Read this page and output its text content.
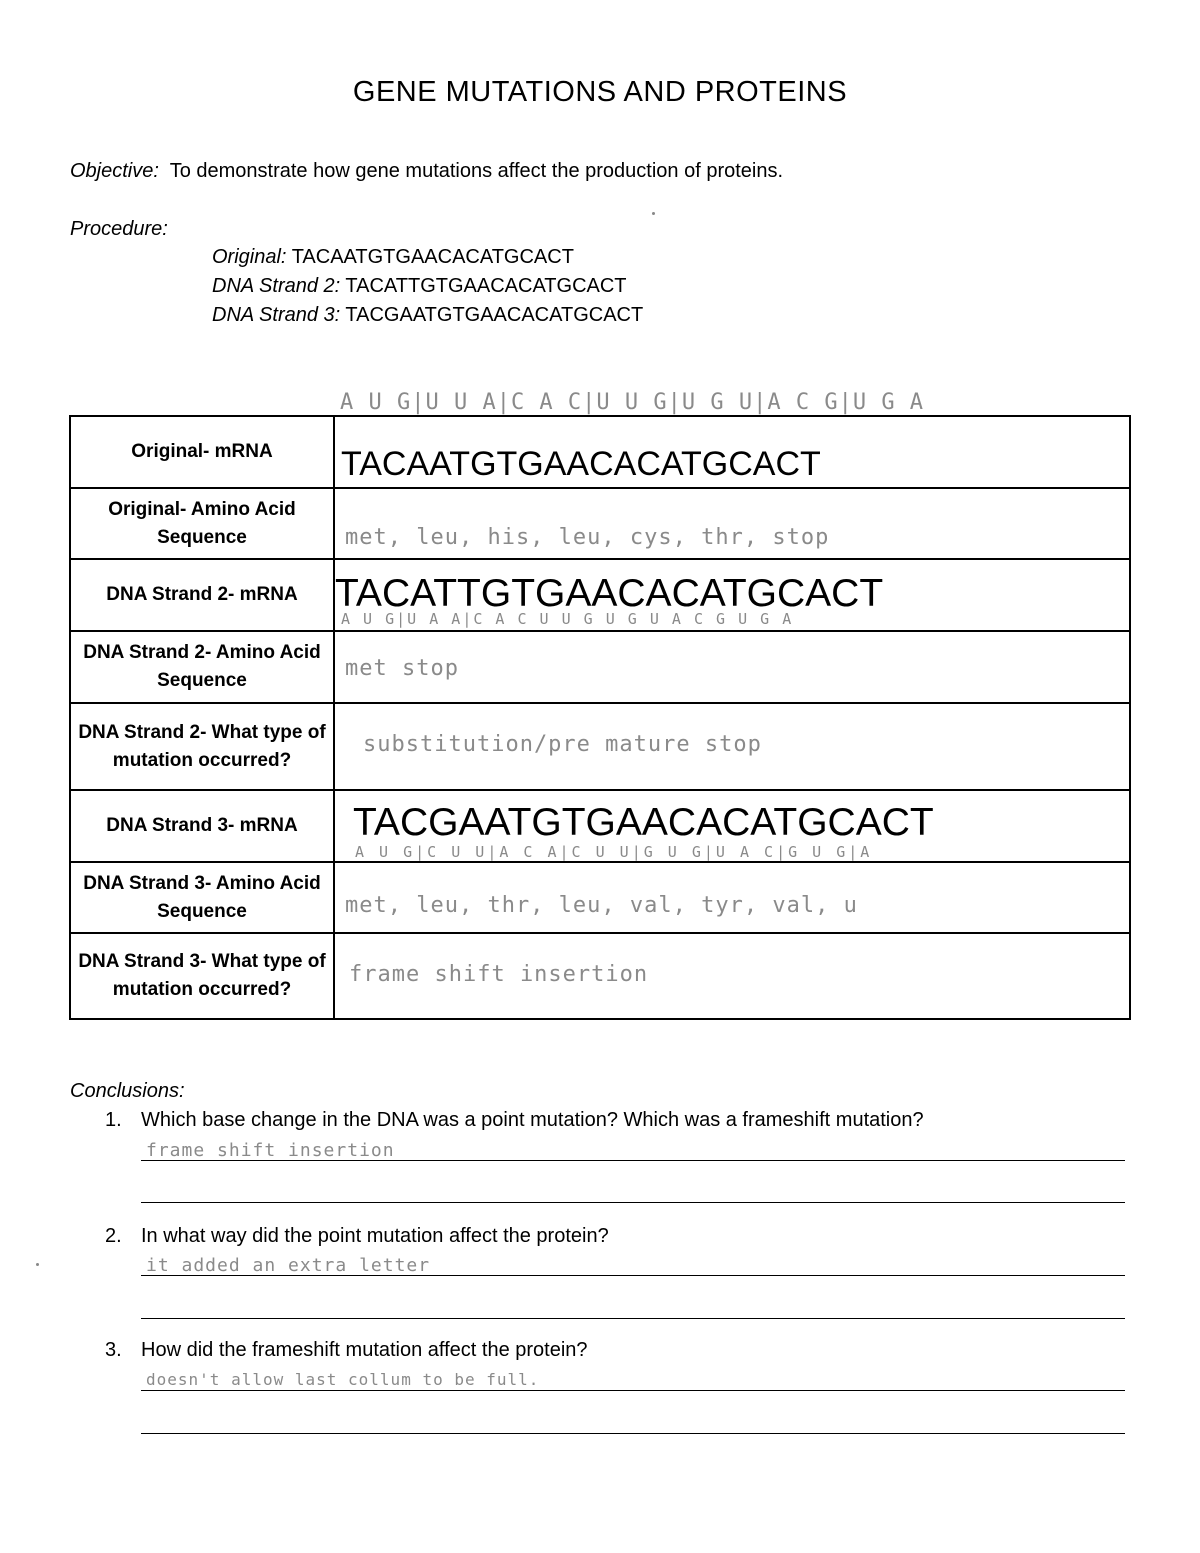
GENE MUTATIONS AND PROTEINS
Objective: To demonstrate how gene mutations affect the production of proteins.
Procedure:
Original: TACAATGTGAACACATGCACT
DNA Strand 2: TACATTGTGAACACATGCACT
DNA Strand 3: TACGAATGTGAACACATGCACT
A U G|U U A|C A C|U U G|U G U|A C G|U G A
Original- mRNA	TACAATGTGAACACATGCACT

Original- Amino Acid Sequence	met, leu, his, leu, cys, thr, stop

DNA Strand 2- mRNA	TACATTGTGAACACATGCACT
A U G|U A A|C A C U U G U G U A C G U G A

DNA Strand 2- Amino Acid Sequence	met stop

DNA Strand 2- What type of mutation occurred?	substitution/pre mature stop

DNA Strand 3- mRNA	TACGAATGTGAACACATGCACT
A U G|C U U|A C A|C U U|G U G|U A C|G U G|A

DNA Strand 3- Amino Acid Sequence	met, leu, thr, leu, val, tyr, val, u

DNA Strand 3- What type of mutation occurred?	frame shift insertion
Conclusions:
1. Which base change in the DNA was a point mutation? Which was a frameshift mutation?
frame shift insertion
2. In what way did the point mutation affect the protein?
it added an extra letter
3. How did the frameshift mutation affect the protein?
doesn't allow last collum to be full.
